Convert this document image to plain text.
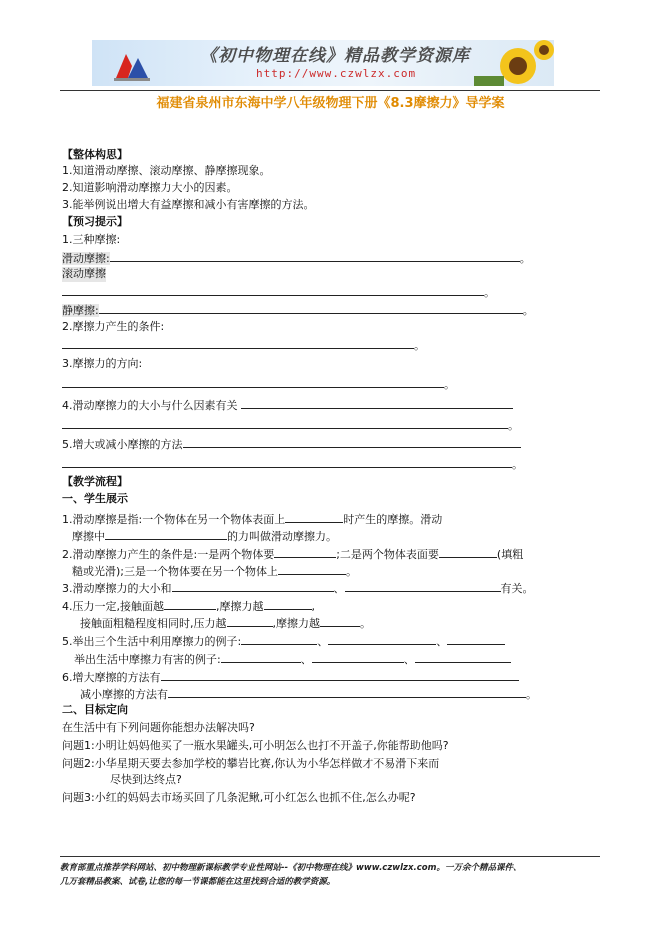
《初中物理在线》精品教学资源库
http://www.czwlzx.com
福建省泉州市东海中学八年级物理下册《8.3摩擦力》导学案
【整体构思】
1.知道滑动摩擦、滚动摩擦、静摩擦现象。
2.知道影响滑动摩擦力大小的因素。
3.能举例说出增大有益摩擦和减小有害摩擦的方法。
【预习提示】
1.三种摩擦:
滑动摩擦:	。
滚动摩擦
。
静摩擦:	。
2.摩擦力产生的条件:
。
3.摩擦力的方向:
。
4.滑动摩擦力的大小与什么因素有关
。
5.增大或减小摩擦的方法
。
【教学流程】
一、学生展示
1.滑动摩擦是指:一个物体在另一个物体表面上	时产生的摩擦。滑动
摩擦中	的力叫做滑动摩擦力。
2.滑动摩擦力产生的条件是:一是两个物体要	;二是两个物体表面要	(填粗
糙或光滑);三是一个物体要在另一个物体上	。
3.滑动摩擦力的大小和	、	有关。
4.压力一定,接触面越	,摩擦力越	,
接触面粗糙程度相同时,压力越	,摩擦力越	。
5.举出三个生活中利用摩擦力的例子:	、	、
举出生活中摩擦力有害的例子:	、	、
6.增大摩擦的方法有
减小摩擦的方法有	。
二、目标定向
在生活中有下列问题你能想办法解决吗?
问题1:小明让妈妈他买了一瓶水果罐头,可小明怎么也打不开盖子,你能帮助他吗?
问题2:小华星期天要去参加学校的攀岩比赛,你认为小华怎样做才不易滑下来而
尽快到达终点?
问题3:小红的妈妈去市场买回了几条泥鳅,可小红怎么也抓不住,怎么办呢?
教育部重点推荐学科网站、初中物理新课标教学专业性网站--《初中物理在线》www.czwlzx.com。一万余个精品课件、
几万套精品教案、试卷,让您的每一节课都能在这里找到合适的教学资源。
